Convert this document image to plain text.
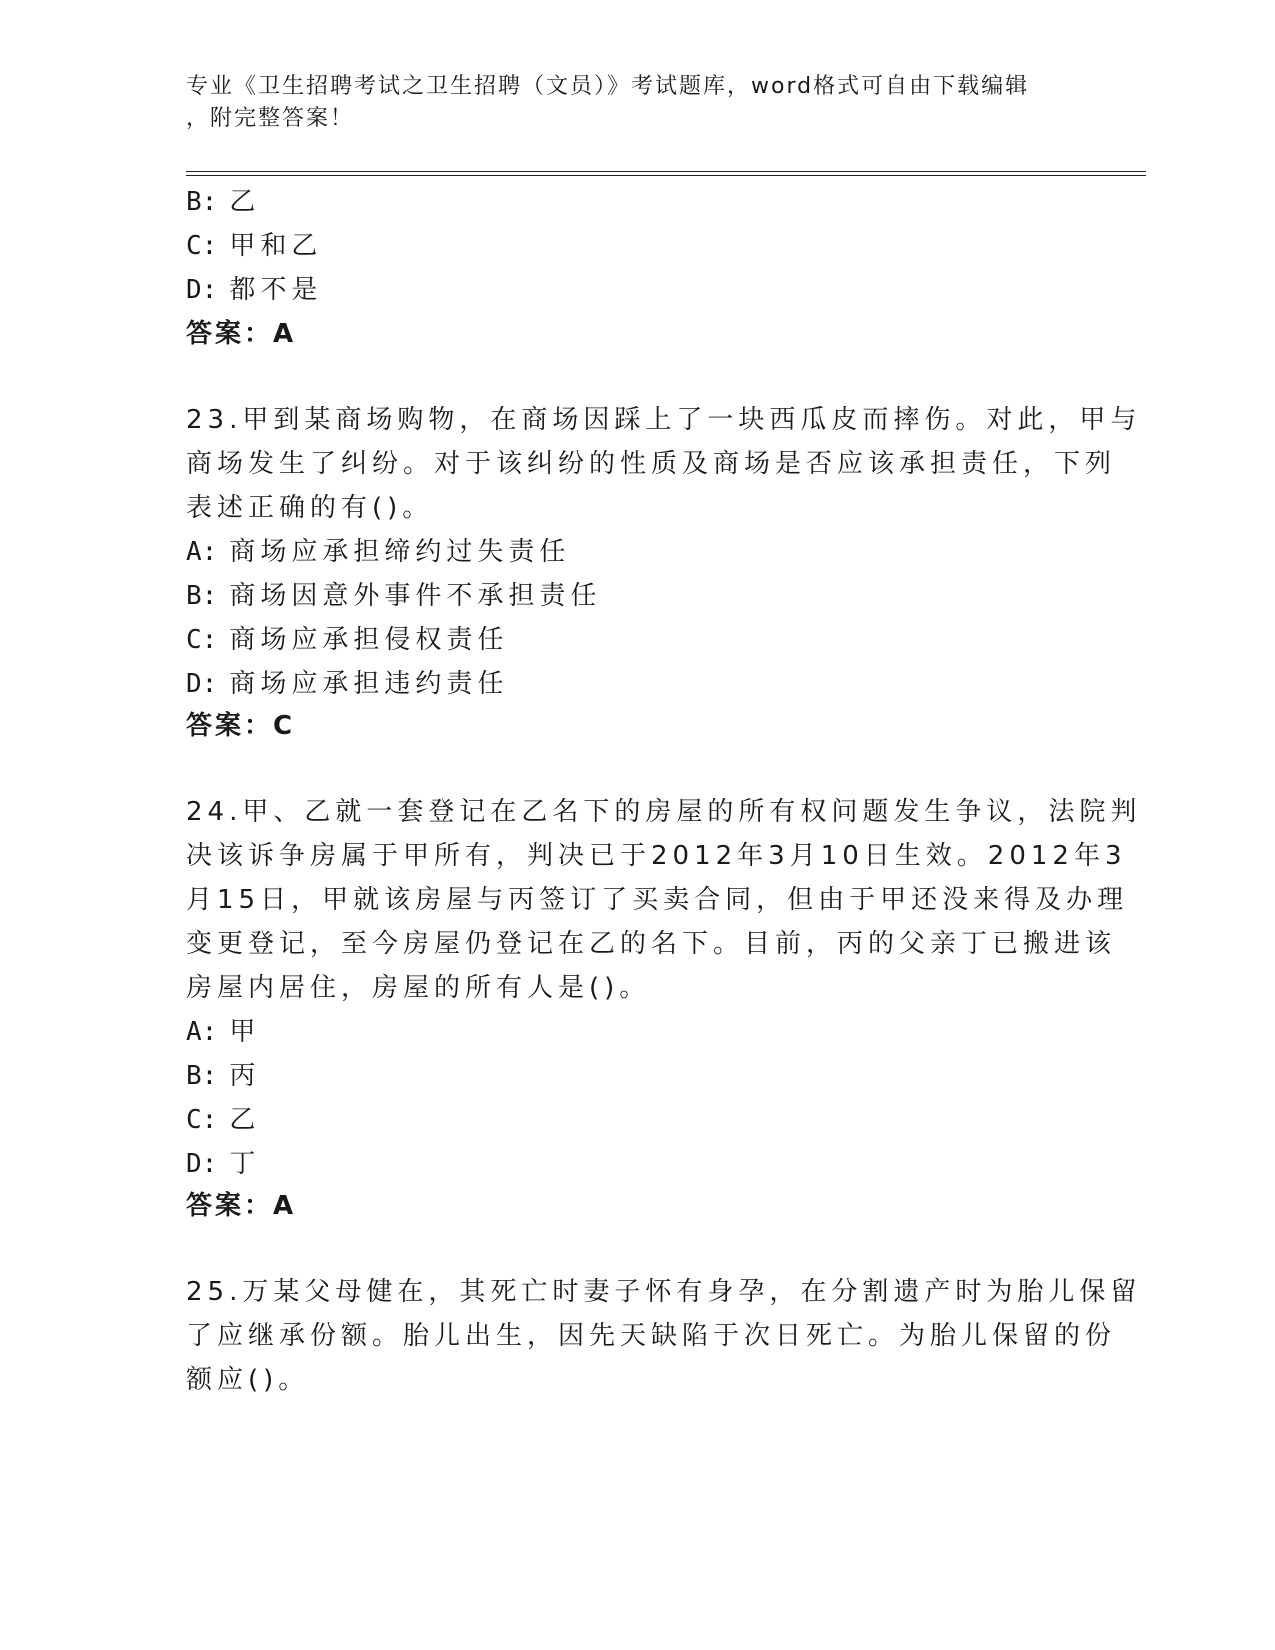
专业《卫生招聘考试之卫生招聘（文员）》考试题库，word格式可自由下载编辑
，附完整答案！
B: 乙
C: 甲和乙
D: 都不是
答案：A
23.甲到某商场购物，在商场因踩上了一块西瓜皮而摔伤。对此，甲与
商场发生了纠纷。对于该纠纷的性质及商场是否应该承担责任，下列
表述正确的有()。
A: 商场应承担缔约过失责任
B: 商场因意外事件不承担责任
C: 商场应承担侵权责任
D: 商场应承担违约责任
答案：C
24.甲、乙就一套登记在乙名下的房屋的所有权问题发生争议，法院判
决该诉争房属于甲所有，判决已于2012年3月10日生效。2012年3
月15日，甲就该房屋与丙签订了买卖合同，但由于甲还没来得及办理
变更登记，至今房屋仍登记在乙的名下。目前，丙的父亲丁已搬进该
房屋内居住，房屋的所有人是()。
A: 甲
B: 丙
C: 乙
D: 丁
答案：A
25.万某父母健在，其死亡时妻子怀有身孕，在分割遗产时为胎儿保留
了应继承份额。胎儿出生，因先天缺陷于次日死亡。为胎儿保留的份
额应()。
